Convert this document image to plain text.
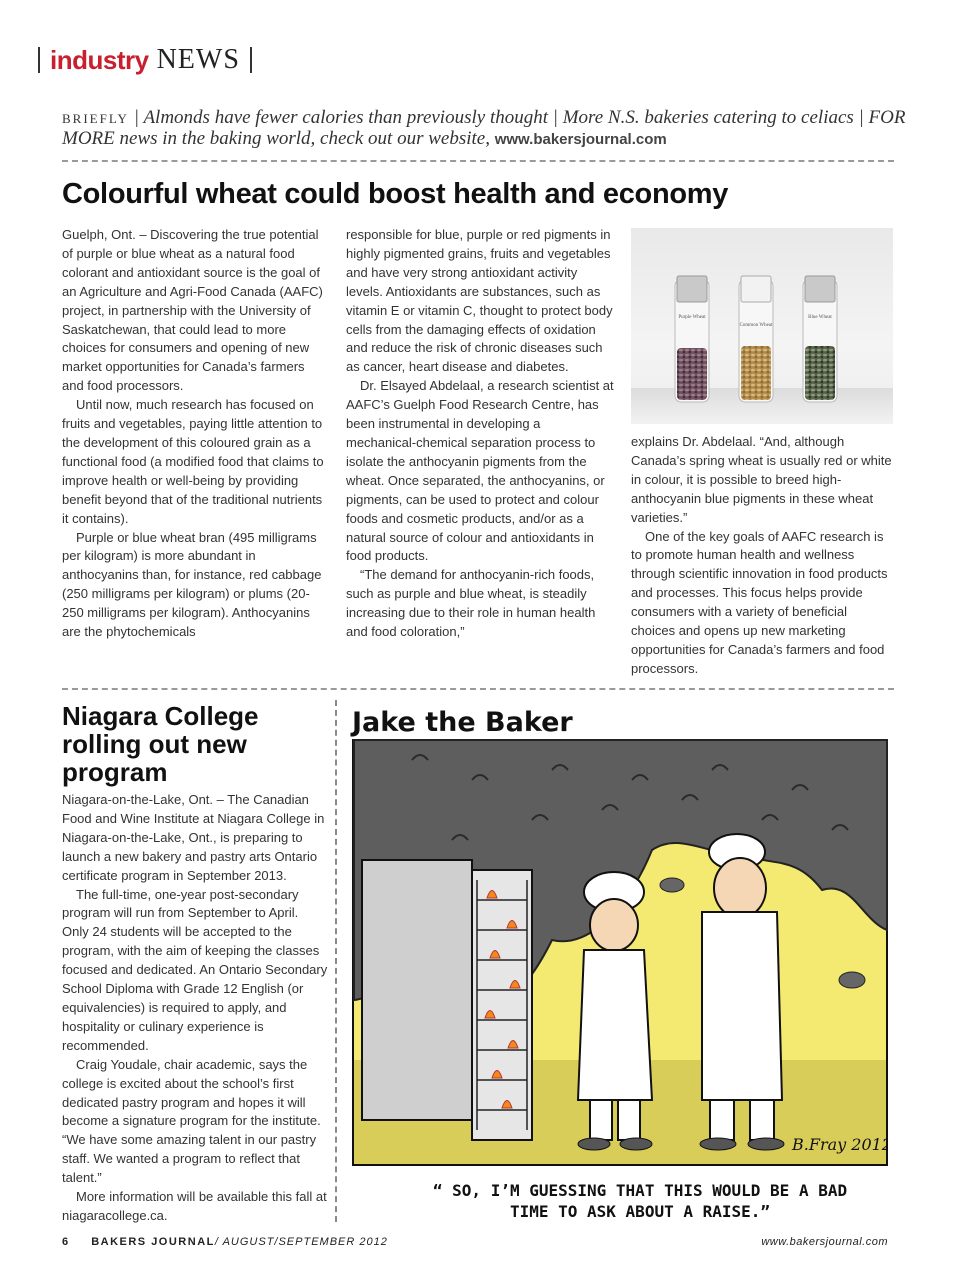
industry NEWS
BRIEFLY | Almonds have fewer calories than previously thought | More N.S. bakeries catering to celiacs | FOR MORE news in the baking world, check out our website, www.bakersjournal.com
Colourful wheat could boost health and economy

Guelph, Ont. – Discovering the true potential of purple or blue wheat as a natural food colorant and antioxidant source is the goal of an Agriculture and Agri-Food Canada (AAFC) project, in partnership with the University of Saskatchewan, that could lead to more choices for consumers and opening of new market opportunities for Canada’s farmers and food processors.

Until now, much research has focused on fruits and vegetables, paying little attention to the development of this coloured grain as a functional food (a modified food that claims to improve health or well-being by providing benefit beyond that of the traditional nutrients it contains).

Purple or blue wheat bran (495 milligrams per kilogram) is more abundant in anthocyanins than, for instance, red cabbage (250 milligrams per kilogram) or plums (20-250 milligrams per kilogram). Anthocyanins are the phytochemicals

responsible for blue, purple or red pigments in highly pigmented grains, fruits and vegetables and have very strong antioxidant activity levels. Antioxidants are substances, such as vitamin E or vitamin C, thought to protect body cells from the damaging effects of oxidation and reduce the risk of chronic diseases such as cancer, heart disease and diabetes.

Dr. Elsayed Abdelaal, a research scientist at AAFC’s Guelph Food Research Centre, has been instrumental in developing a mechanical-chemical separation process to isolate the anthocyanin pigments from the wheat. Once separated, the anthocyanins, or pigments, can be used to protect and colour foods and cosmetic products, and/or as a natural source of colour and antioxidants in food products.

“The demand for anthocyanin-rich foods, such as purple and blue wheat, is steadily increasing due to their role in human health and food coloration,”

Purple Wheat
Common Wheat
Blue Wheat

explains Dr. Abdelaal. “And, although Canada’s spring wheat is usually red or white in colour, it is possible to breed high-anthocyanin blue pigments in these wheat varieties.”

One of the key goals of AAFC research is to promote human health and wellness through scientific innovation in food products and processes. This focus helps provide consumers with a variety of beneficial choices and opens up new marketing opportunities for Canada’s farmers and food processors.

Niagara College rolling out new program

Niagara-on-the-Lake, Ont. – The Canadian Food and Wine Institute at Niagara College in Niagara-on-the-Lake, Ont., is preparing to launch a new bakery and pastry arts Ontario certificate program in September 2013.

The full-time, one-year post-secondary program will run from September to April. Only 24 students will be accepted to the program, with the aim of keeping the classes focused and dedicated. An Ontario Secondary School Diploma with Grade 12 English (or equivalencies) is required to apply, and hospitality or culinary experience is recommended.

Craig Youdale, chair academic, says the college is excited about the school’s first dedicated pastry program and hopes it will become a signature program for the institute. “We have some amazing talent in our pastry staff. We wanted a program to reflect that talent.”

More information will be available this fall at niagaracollege.ca.

B.Fray 2012
Jake the Baker
“ SO, I’M GUESSING THAT THIS WOULD BE A BAD TIME TO ASK ABOUT A RAISE.”
6 BAKERS JOURNAL/ AUGUST/SEPTEMBER 2012	www.bakersjournal.com
